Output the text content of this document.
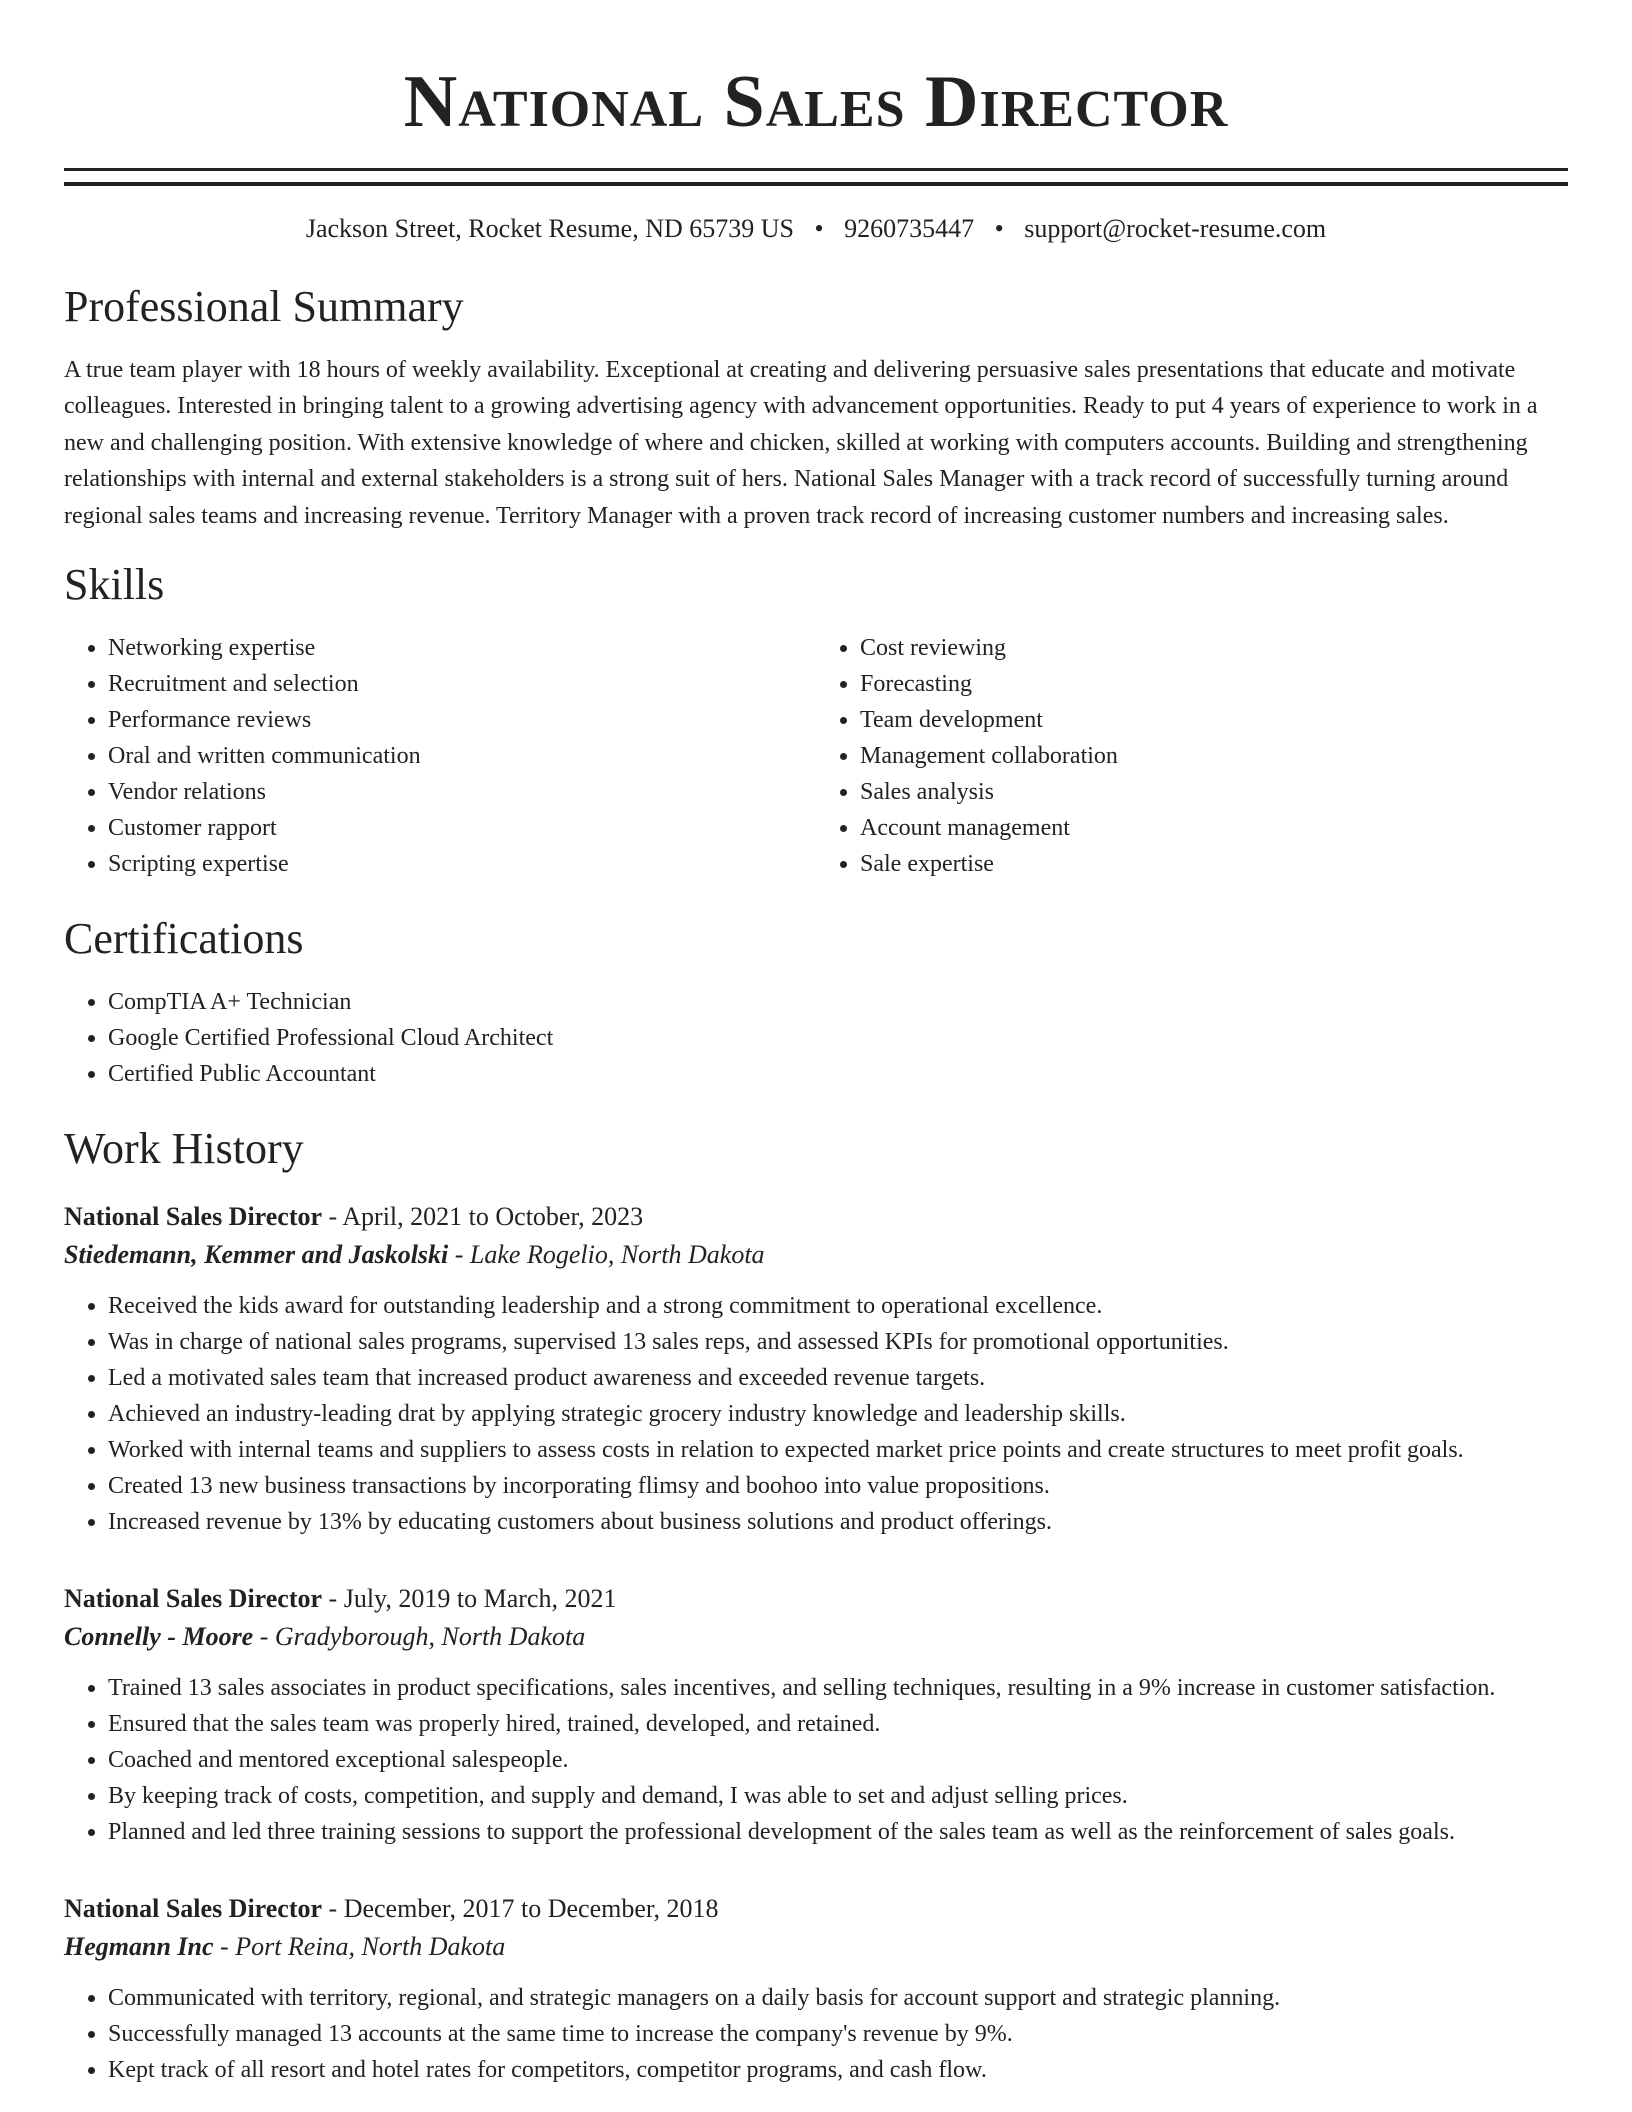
National Sales Director
Jackson Street, Rocket Resume, ND 65739 US • 9260735447 • support@rocket-resume.com
Professional Summary

A true team player with 18 hours of weekly availability. Exceptional at creating and delivering persuasive sales presentations that educate and motivate colleagues. Interested in bringing talent to a growing advertising agency with advancement opportunities. Ready to put 4 years of experience to work in a new and challenging position. With extensive knowledge of where and chicken, skilled at working with computers accounts. Building and strengthening relationships with internal and external stakeholders is a strong suit of hers. National Sales Manager with a track record of successfully turning around regional sales teams and increasing revenue. Territory Manager with a proven track record of increasing customer numbers and increasing sales.

Skills
• Networking expertise
• Recruitment and selection
• Performance reviews
• Oral and written communication
• Vendor relations
• Customer rapport
• Scripting expertise
• Cost reviewing
• Forecasting
• Team development
• Management collaboration
• Sales analysis
• Account management
• Sale expertise
Certifications
• CompTIA A+ Technician
• Google Certified Professional Cloud Architect
• Certified Public Accountant
Work History
National Sales Director - April, 2021 to October, 2023
Stiedemann, Kemmer and Jaskolski - Lake Rogelio, North Dakota
• Received the kids award for outstanding leadership and a strong commitment to operational excellence.
• Was in charge of national sales programs, supervised 13 sales reps, and assessed KPIs for promotional opportunities.
• Led a motivated sales team that increased product awareness and exceeded revenue targets.
• Achieved an industry-leading drat by applying strategic grocery industry knowledge and leadership skills.
• Worked with internal teams and suppliers to assess costs in relation to expected market price points and create structures to meet profit goals.
• Created 13 new business transactions by incorporating flimsy and boohoo into value propositions.
• Increased revenue by 13% by educating customers about business solutions and product offerings.
National Sales Director - July, 2019 to March, 2021
Connelly - Moore - Gradyborough, North Dakota
• Trained 13 sales associates in product specifications, sales incentives, and selling techniques, resulting in a 9% increase in customer satisfaction.
• Ensured that the sales team was properly hired, trained, developed, and retained.
• Coached and mentored exceptional salespeople.
• By keeping track of costs, competition, and supply and demand, I was able to set and adjust selling prices.
• Planned and led three training sessions to support the professional development of the sales team as well as the reinforcement of sales goals.
National Sales Director - December, 2017 to December, 2018
Hegmann Inc - Port Reina, North Dakota
• Communicated with territory, regional, and strategic managers on a daily basis for account support and strategic planning.
• Successfully managed 13 accounts at the same time to increase the company's revenue by 9%.
• Kept track of all resort and hotel rates for competitors, competitor programs, and cash flow.
